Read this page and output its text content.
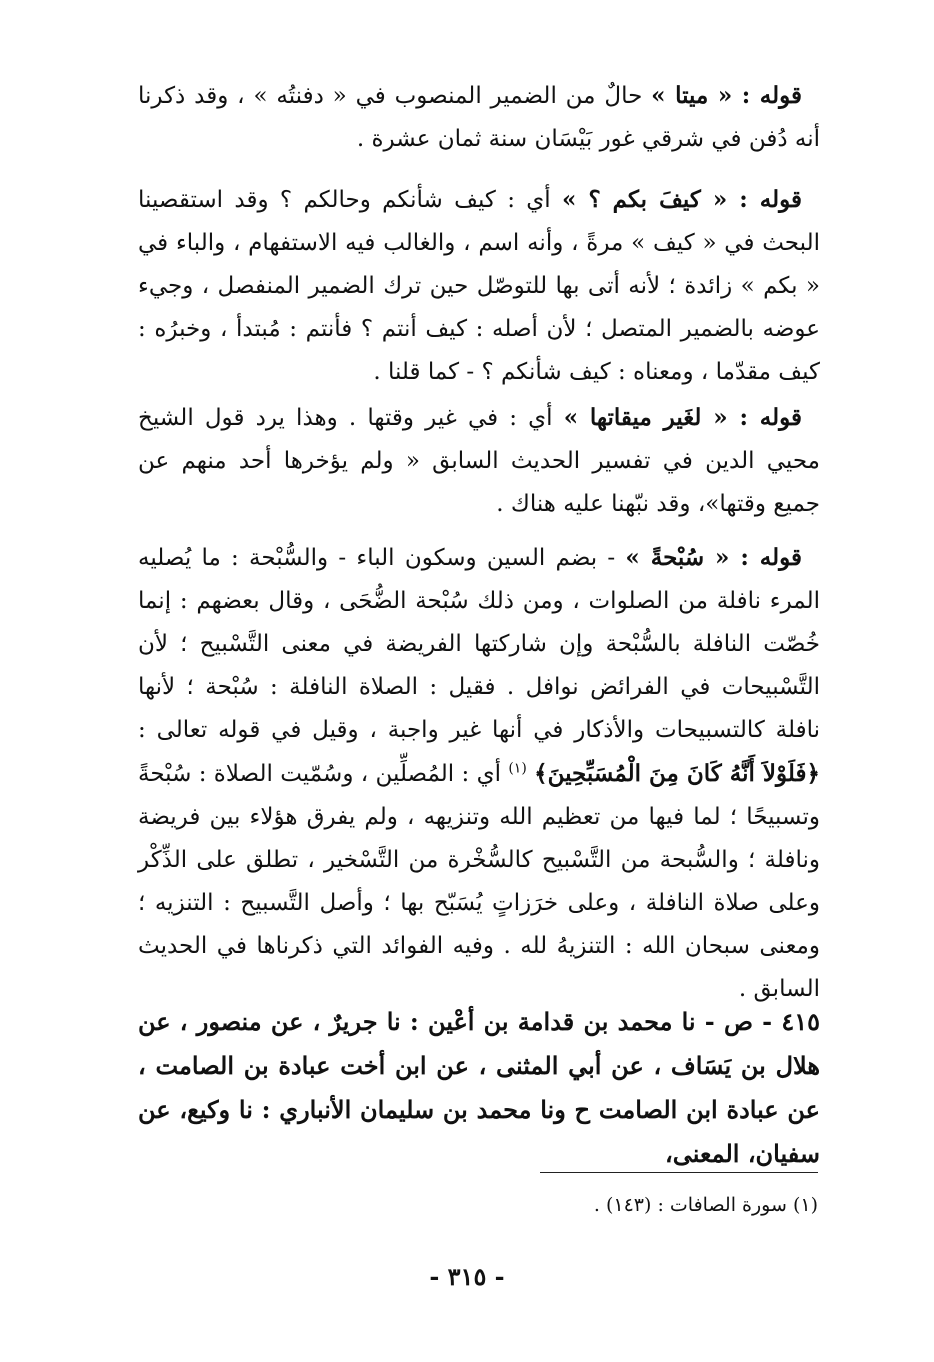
قوله : « ميتا » حالٌ من الضمير المنصوب في « دفنتُه » ، وقد ذكرنا أنه دُفن في شرقي غور بَيْسَان سنة ثمان عشرة .

قوله : « كيفَ بكم ؟ » أي : كيف شأنكم وحالكم ؟ وقد استقصينا البحث في « كيف » مرةً ، وأنه اسم ، والغالب فيه الاستفهام ، والباء في « بكم » زائدة ؛ لأنه أتى بها للتوصّل حين ترك الضمير المنفصل ، وجيء عوضه بالضمير المتصل ؛ لأن أصله : كيف أنتم ؟ فأنتم : مُبتدأ ، وخبرُه : كيف مقدّما ، ومعناه : كيف شأنكم ؟ - كما قلنا .

قوله : « لغَير ميقاتها » أي : في غير وقتها . وهذا يرد قول الشيخ محيي الدين في تفسير الحديث السابق « ولم يؤخرها أحد منهم عن جميع وقتها»، وقد نبّهنا عليه هناك .

قوله : « سُبْحةً » - بضم السين وسكون الباء - والسُّبْحة : ما يُصليه المرء نافلة من الصلوات ، ومن ذلك سُبْحة الضُّحَى ، وقال بعضهم : إنما خُصّت النافلة بالسُّبْحة وإن شاركتها الفريضة في معنى التَّسْبيح ؛ لأن التَّسْبيحات في الفرائض نوافل . فقيل : الصلاة النافلة : سُبْحة ؛ لأنها نافلة كالتسبيحات والأذكار في أنها غير واجبة ، وقيل في قوله تعالى : ﴿فَلَوْلاَ أَنَّهُ كَانَ مِنَ الْمُسَبِّحِينَ﴾ $^{(١)}$ أي : المُصلِّين ، وسُمّيت الصلاة : سُبْحةً وتسبيحًا ؛ لما فيها من تعظيم الله وتنزيهه ، ولم يفرق هؤلاء بين فريضة ونافلة ؛ والسُّبحة من التَّسْبيح كالسُّخْرة من التَّسْخير ، تطلق على الذِّكْر وعلى صلاة النافلة ، وعلى خرَزاتٍ يُسَبّح بها ؛ وأصل التَّسبيح : التنزيه ؛ ومعنى سبحان الله : التنزيهُ لله . وفيه الفوائد التي ذكرناها في الحديث السابق .

٤١٥ - ص - نا محمد بن قدامة بن أعْين : نا جريرٌ ، عن منصور ، عن هلال بن يَسَاف ، عن أبي المثنى ، عن ابن أخت عبادة بن الصامت ، عن عبادة ابن الصامت ح ونا محمد بن سليمان الأنباري : نا وكيع، عن سفيان، المعنى،

(١) سورة الصافات : (١٤٣) .
- ٣١٥ -
